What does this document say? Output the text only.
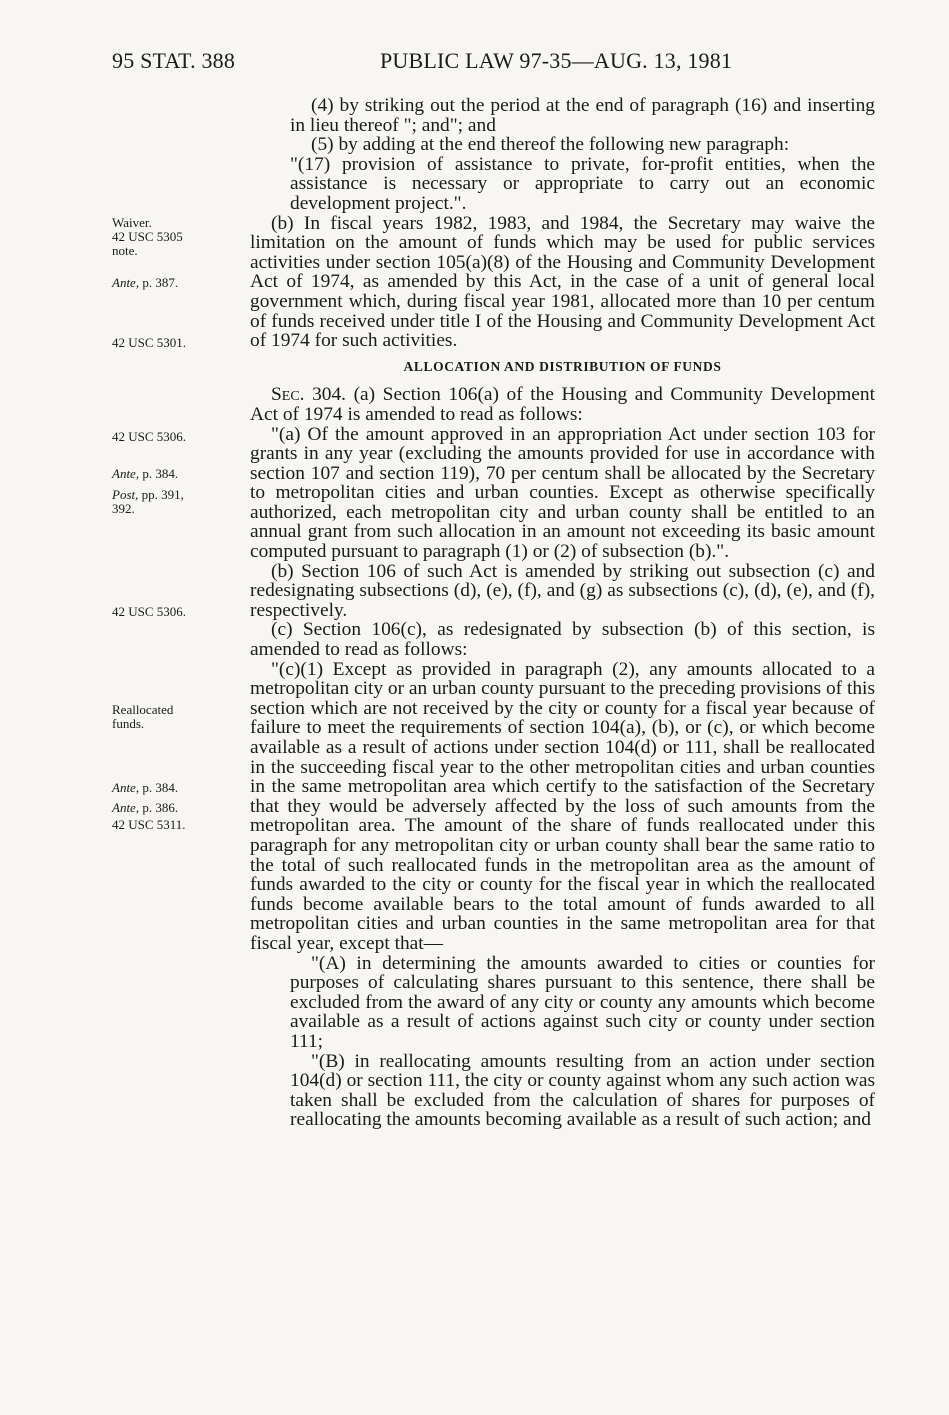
95 STAT. 388	PUBLIC LAW 97-35—AUG. 13, 1981
Waiver.
42 USC 5305
note.
Ante, p. 387.
42 USC 5301.
42 USC 5306.
Ante, p. 384.
Post, pp. 391,
392.
42 USC 5306.
Reallocated
funds.
Ante, p. 384.
Ante, p. 386.
42 USC 5311.

(4) by striking out the period at the end of paragraph (16) and inserting in lieu thereof "; and"; and

(5) by adding at the end thereof the following new paragraph:

"(17) provision of assistance to private, for-profit entities, when the assistance is necessary or appropriate to carry out an economic development project.".

(b) In fiscal years 1982, 1983, and 1984, the Secretary may waive the limitation on the amount of funds which may be used for public services activities under section 105(a)(8) of the Housing and Community Development Act of 1974, as amended by this Act, in the case of a unit of general local government which, during fiscal year 1981, allocated more than 10 per centum of funds received under title I of the Housing and Community Development Act of 1974 for such activities.

ALLOCATION AND DISTRIBUTION OF FUNDS

Sec. 304. (a) Section 106(a) of the Housing and Community Development Act of 1974 is amended to read as follows:

"(a) Of the amount approved in an appropriation Act under section 103 for grants in any year (excluding the amounts provided for use in accordance with section 107 and section 119), 70 per centum shall be allocated by the Secretary to metropolitan cities and urban counties. Except as otherwise specifically authorized, each metropolitan city and urban county shall be entitled to an annual grant from such allocation in an amount not exceeding its basic amount computed pursuant to paragraph (1) or (2) of subsection (b).".

(b) Section 106 of such Act is amended by striking out subsection (c) and redesignating subsections (d), (e), (f), and (g) as subsections (c), (d), (e), and (f), respectively.

(c) Section 106(c), as redesignated by subsection (b) of this section, is amended to read as follows:

"(c)(1) Except as provided in paragraph (2), any amounts allocated to a metropolitan city or an urban county pursuant to the preceding provisions of this section which are not received by the city or county for a fiscal year because of failure to meet the requirements of section 104(a), (b), or (c), or which become available as a result of actions under section 104(d) or 111, shall be reallocated in the succeeding fiscal year to the other metropolitan cities and urban counties in the same metropolitan area which certify to the satisfaction of the Secretary that they would be adversely affected by the loss of such amounts from the metropolitan area. The amount of the share of funds reallocated under this paragraph for any metropolitan city or urban county shall bear the same ratio to the total of such reallocated funds in the metropolitan area as the amount of funds awarded to the city or county for the fiscal year in which the reallocated funds become available bears to the total amount of funds awarded to all metropolitan cities and urban counties in the same metropolitan area for that fiscal year, except that—

"(A) in determining the amounts awarded to cities or counties for purposes of calculating shares pursuant to this sentence, there shall be excluded from the award of any city or county any amounts which become available as a result of actions against such city or county under section 111;

"(B) in reallocating amounts resulting from an action under section 104(d) or section 111, the city or county against whom any such action was taken shall be excluded from the calculation of shares for purposes of reallocating the amounts becoming available as a result of such action; and
